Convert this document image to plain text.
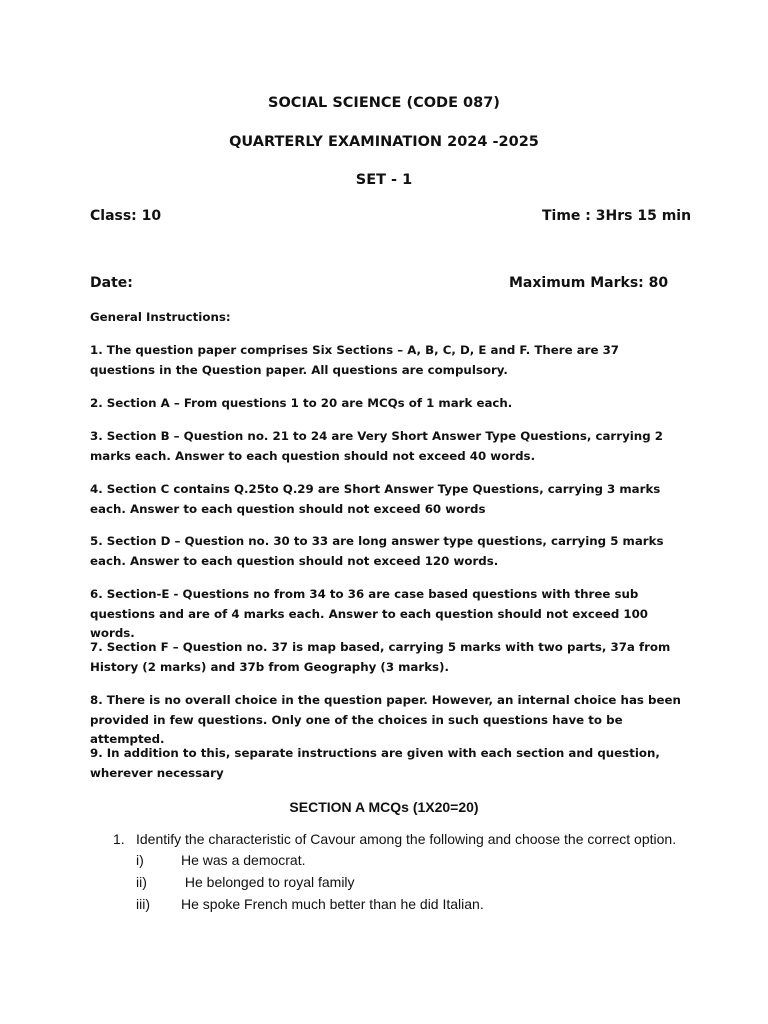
SOCIAL SCIENCE (CODE 087)
QUARTERLY EXAMINATION 2024 -2025
SET - 1
Class: 10	Time : 3Hrs 15 min
Date:	Maximum Marks: 80
General Instructions:
1. The question paper comprises Six Sections – A, B, C, D, E and F. There are 37 questions in the Question paper. All questions are compulsory.
2. Section A – From questions 1 to 20 are MCQs of 1 mark each.
3. Section B – Question no. 21 to 24 are Very Short Answer Type Questions, carrying 2 marks each. Answer to each question should not exceed 40 words.
4. Section C contains Q.25to Q.29 are Short Answer Type Questions, carrying 3 marks each. Answer to each question should not exceed 60 words
5. Section D – Question no. 30 to 33 are long answer type questions, carrying 5 marks each. Answer to each question should not exceed 120 words.
6. Section-E - Questions no from 34 to 36 are case based questions with three sub questions and are of 4 marks each. Answer to each question should not exceed 100 words.
7. Section F – Question no. 37 is map based, carrying 5 marks with two parts, 37a from History (2 marks) and 37b from Geography (3 marks).
8. There is no overall choice in the question paper. However, an internal choice has been provided in few questions. Only one of the choices in such questions have to be attempted.
9. In addition to this, separate instructions are given with each section and question, wherever necessary
SECTION A MCQs (1X20=20)
1. Identify the characteristic of Cavour among the following and choose the correct option.
i)	He was a democrat.
ii) He belonged to royal family
iii) He spoke French much better than he did Italian.
